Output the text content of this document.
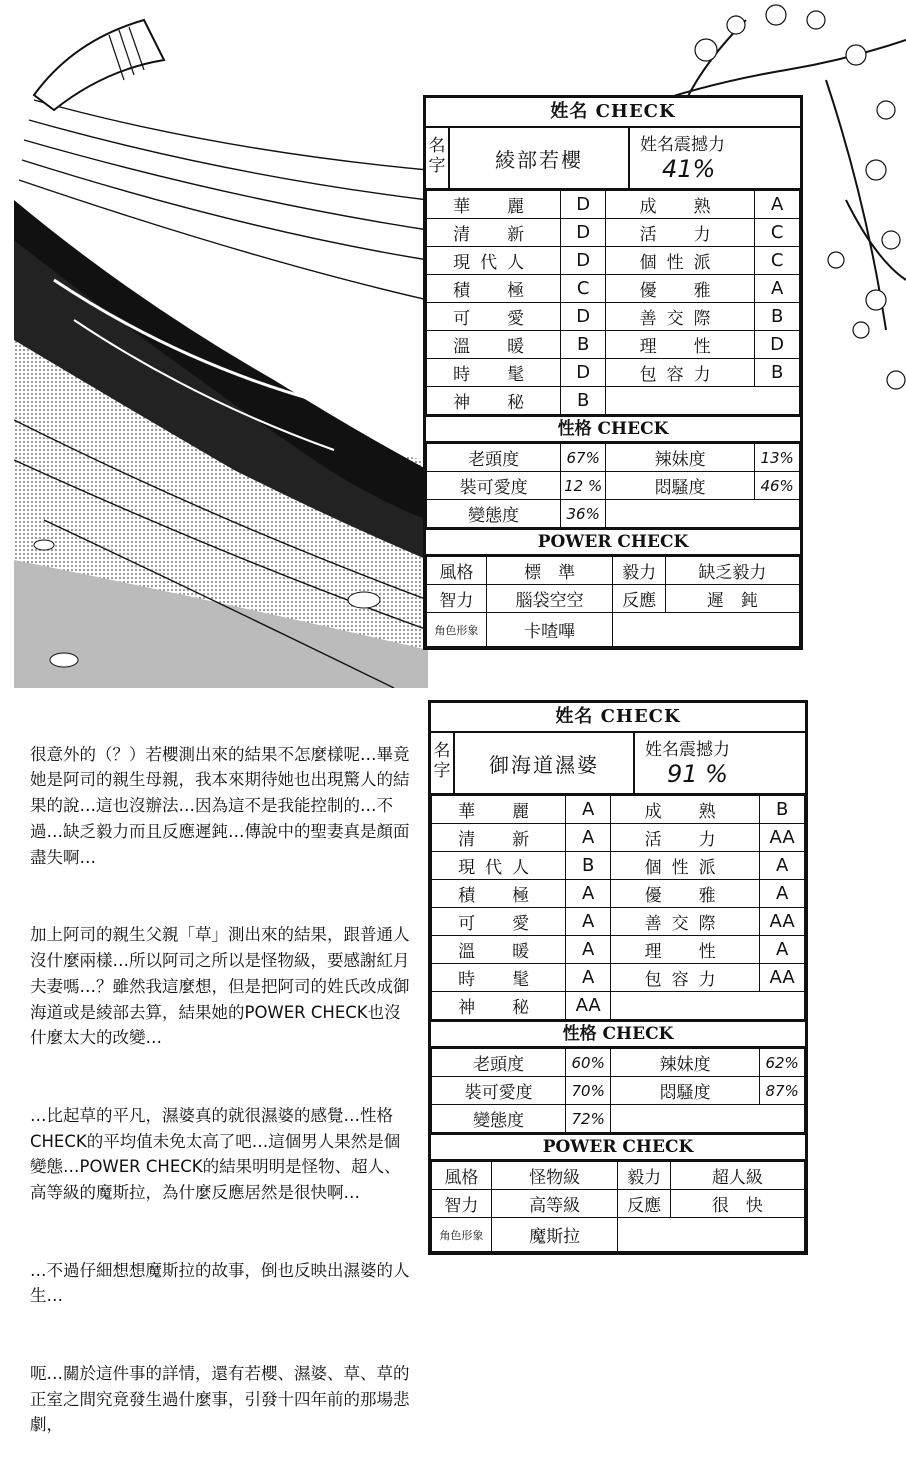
姓名 CHECK
名字	綾部若櫻
姓名震撼力
41%
華　麗	D	成　熟	A
清　新	D	活　力	C
現代人	D	個性派	C
積　極	C	優　雅	A
可　愛	D	善交際	B
溫　暖	B	理　性	D
時　髦	D	包容力	B
神　秘	B		
性格 CHECK
老頭度	67%	辣妹度	13%
裝可愛度	12 %	悶騷度	46%
變態度	36%		
POWER CHECK
風格	標　準	毅力	缺乏毅力
智力	腦袋空空	反應	遲　鈍
角色形象	卡喳嗶		
姓名 CHECK
名字	御海道濕婆
姓名震撼力
91 %
華　麗	A	成　熟	B
清　新	A	活　力	AA
現代人	B	個性派	A
積　極	A	優　雅	A
可　愛	A	善交際	AA
溫　暖	A	理　性	A
時　髦	A	包容力	AA
神　秘	AA		
性格 CHECK
老頭度	60%	辣妹度	62%
裝可愛度	70%	悶騷度	87%
變態度	72%		
POWER CHECK
風格	怪物級	毅力	超人級
智力	高等級	反應	很　快
角色形象	魔斯拉		

很意外的（？）若櫻測出來的結果不怎麼樣呢…畢竟她是阿司的親生母親，我本來期待她也出現驚人的結果的說…這也沒辦法…因為這不是我能控制的…不過…缺乏毅力而且反應遲鈍…傳說中的聖妻真是顏面盡失啊…

加上阿司的親生父親「草」測出來的結果，跟普通人沒什麼兩樣…所以阿司之所以是怪物級，要感謝紅月夫妻嗎…？雖然我這麼想，但是把阿司的姓氏改成御海道或是綾部去算，結果她的POWER CHECK也沒什麼太大的改變…

…比起草的平凡，濕婆真的就很濕婆的感覺…性格CHECK的平均值未免太高了吧…這個男人果然是個變態…POWER CHECK的結果明明是怪物、超人、高等級的魔斯拉，為什麼反應居然是很快啊…

…不過仔細想想魔斯拉的故事，倒也反映出濕婆的人生…

呃…關於這件事的詳情，還有若櫻、濕婆、草、草的正室之間究竟發生過什麼事，引發十四年前的那場悲劇，
